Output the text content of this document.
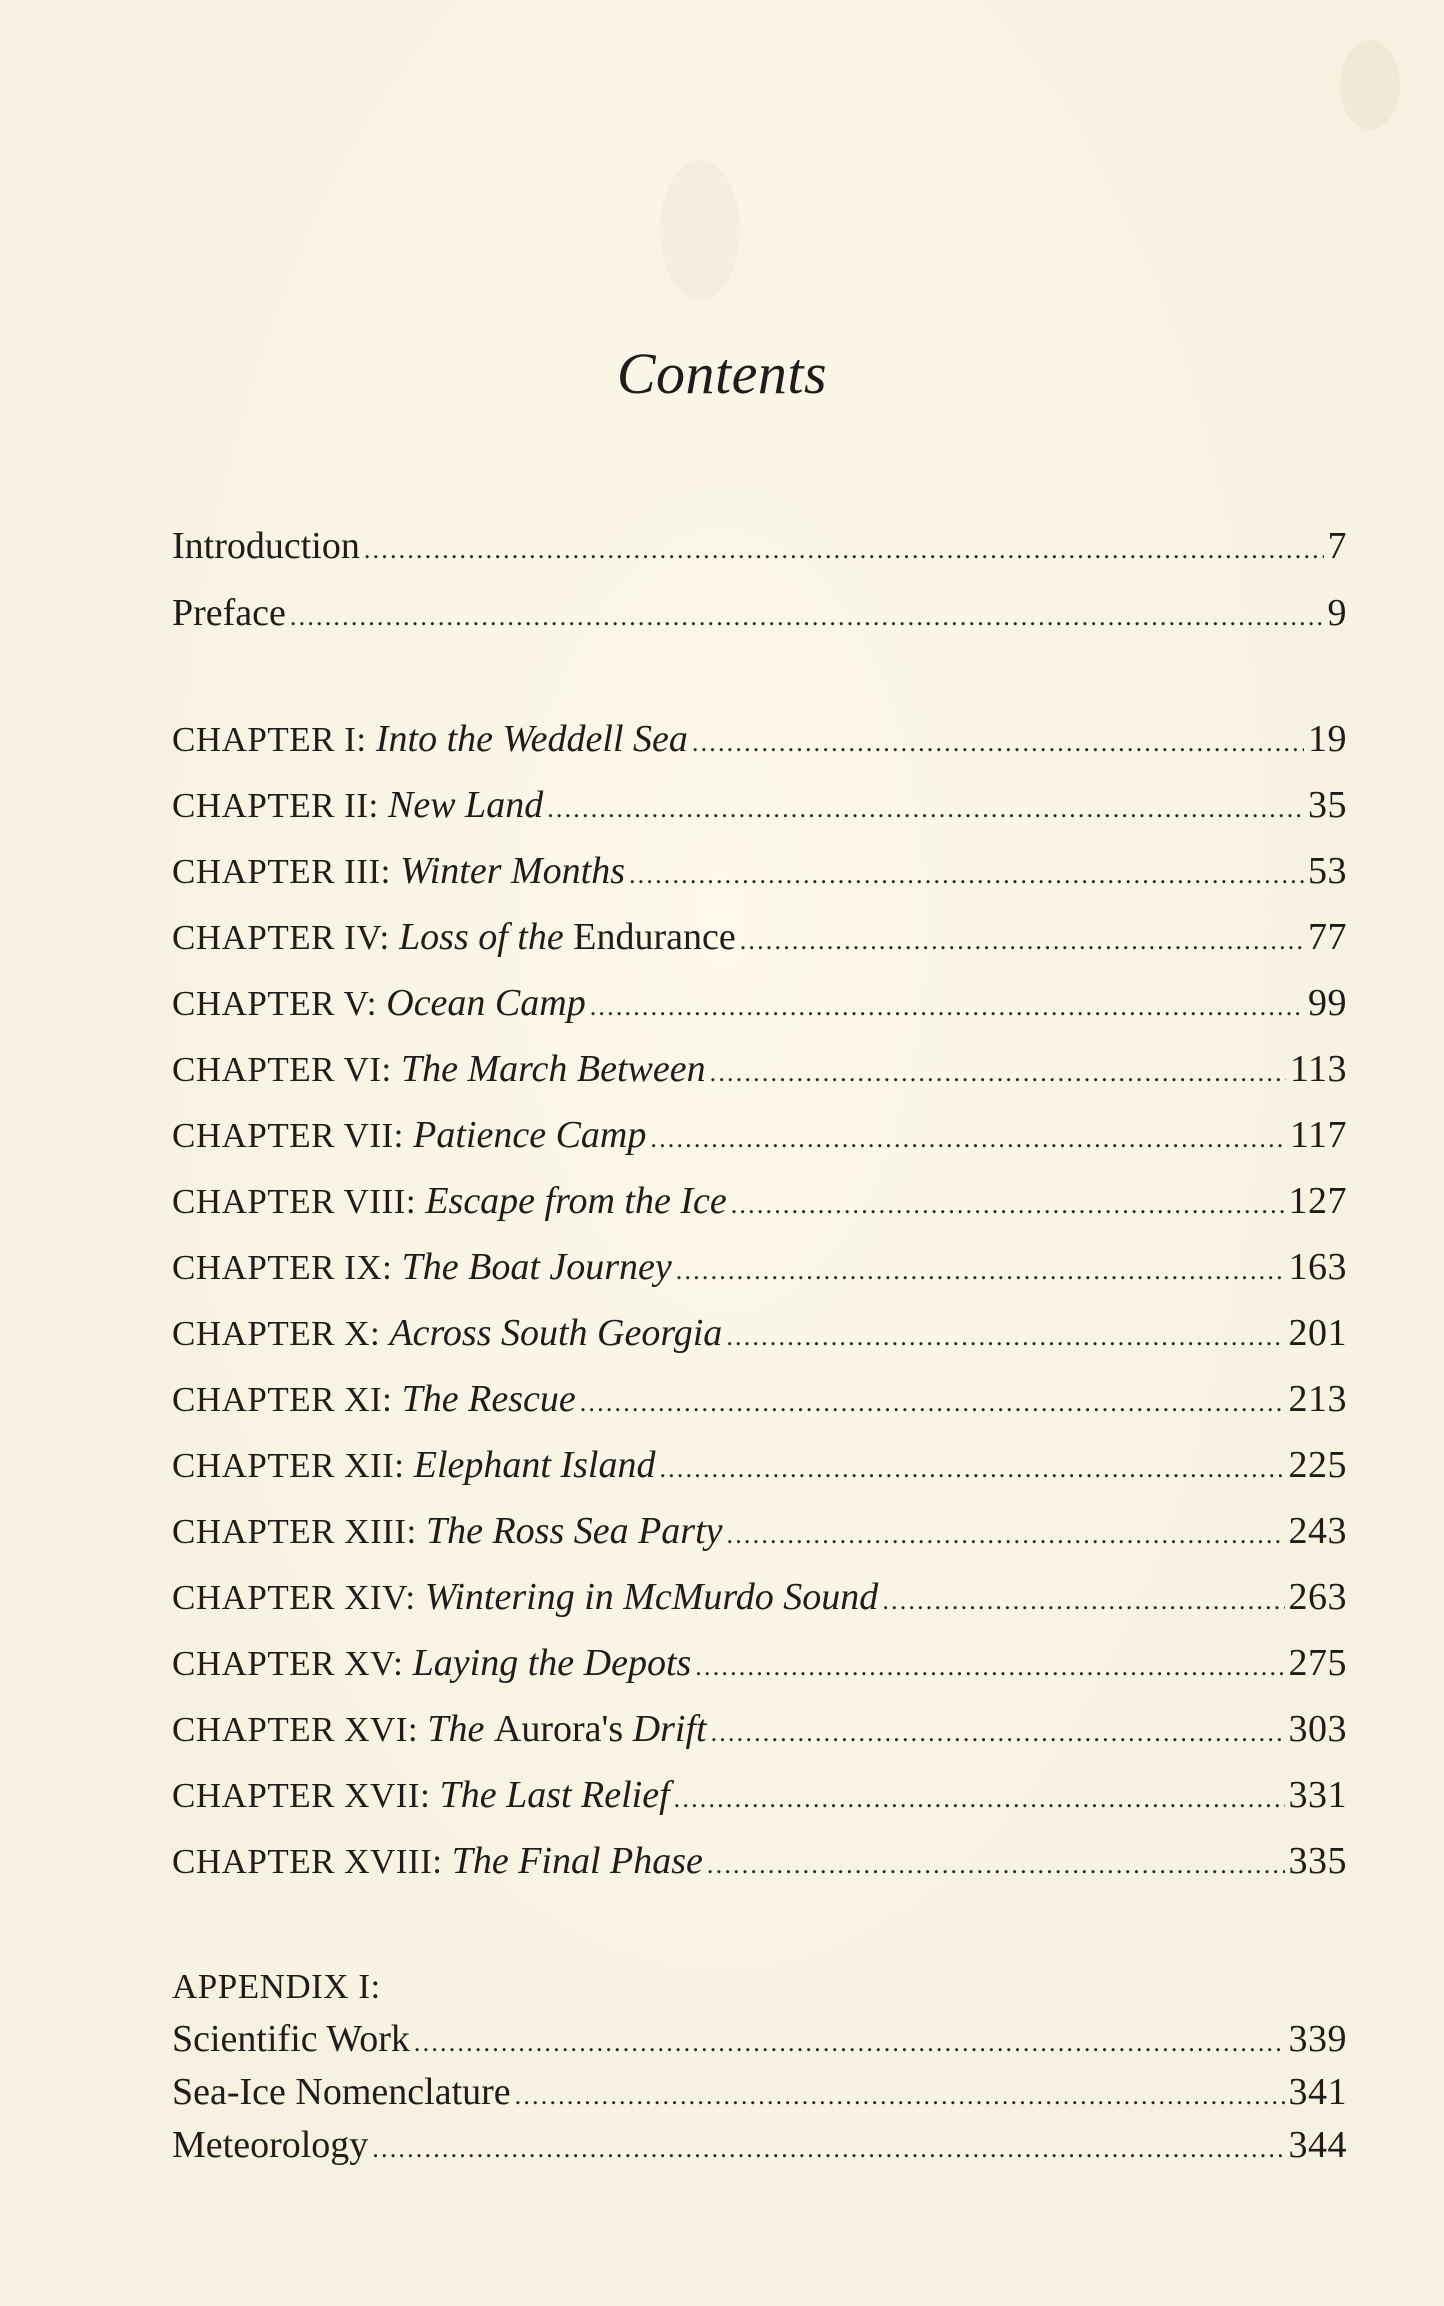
Contents
Introduction .....	7
Preface .....	9
CHAPTER I: Into the Weddell Sea .....	19
CHAPTER II: New Land .....	35
CHAPTER III: Winter Months .....	53
CHAPTER IV: Loss of the Endurance .....	77
CHAPTER V: Ocean Camp .....	99
CHAPTER VI: The March Between .....	113
CHAPTER VII: Patience Camp .....	117
CHAPTER VIII: Escape from the Ice .....	127
CHAPTER IX: The Boat Journey .....	163
CHAPTER X: Across South Georgia .....	201
CHAPTER XI: The Rescue .....	213
CHAPTER XII: Elephant Island .....	225
CHAPTER XIII: The Ross Sea Party .....	243
CHAPTER XIV: Wintering in McMurdo Sound .....	263
CHAPTER XV: Laying the Depots .....	275
CHAPTER XVI: The Aurora's Drift .....	303
CHAPTER XVII: The Last Relief .....	331
CHAPTER XVIII: The Final Phase .....	335
APPENDIX I:
Scientific Work .....	339
Sea-Ice Nomenclature .....	341
Meteorology .....	344
